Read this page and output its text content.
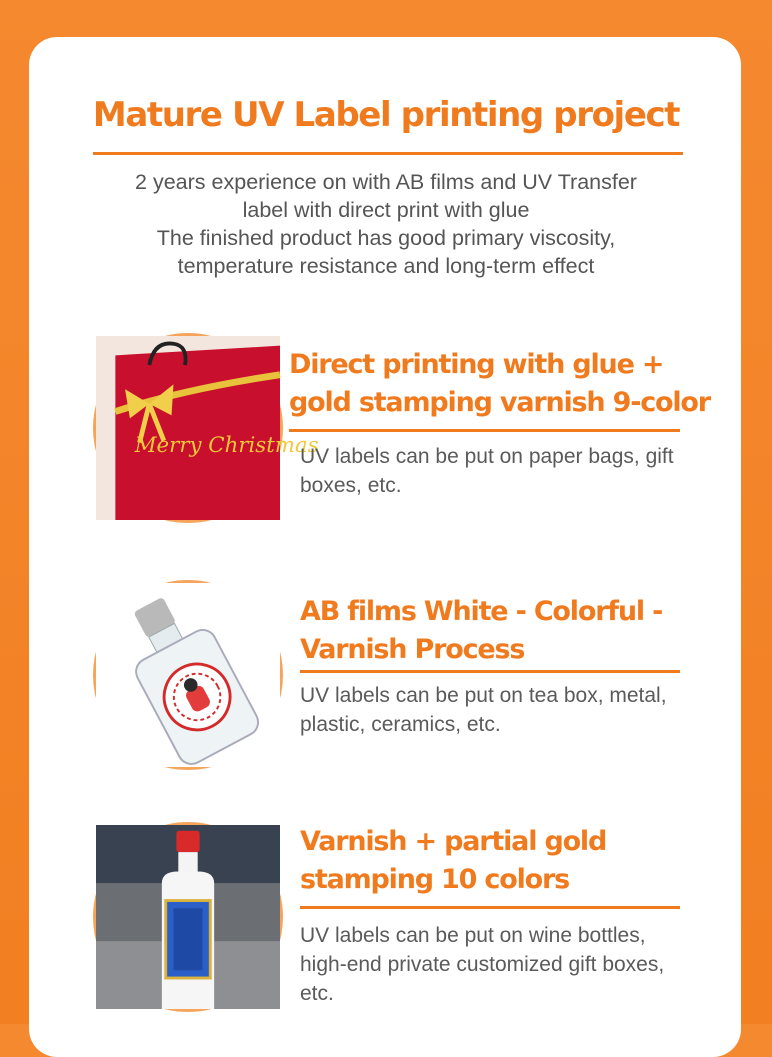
Mature UV Label printing project

2 years experience on with AB films and UV Transfer

label with direct print with glue

The finished product has good primary viscosity,

temperature resistance and long-term effect

Merry Christmas
Direct printing with glue +
gold stamping varnish 9-color

UV labels can be put on paper bags, gift boxes, etc.

AB films White - Colorful -
Varnish Process

UV labels can be put on tea box, metal, plastic, ceramics, etc.

Varnish + partial gold
stamping 10 colors

UV labels can be put on wine bottles, high-end private customized gift boxes, etc.
